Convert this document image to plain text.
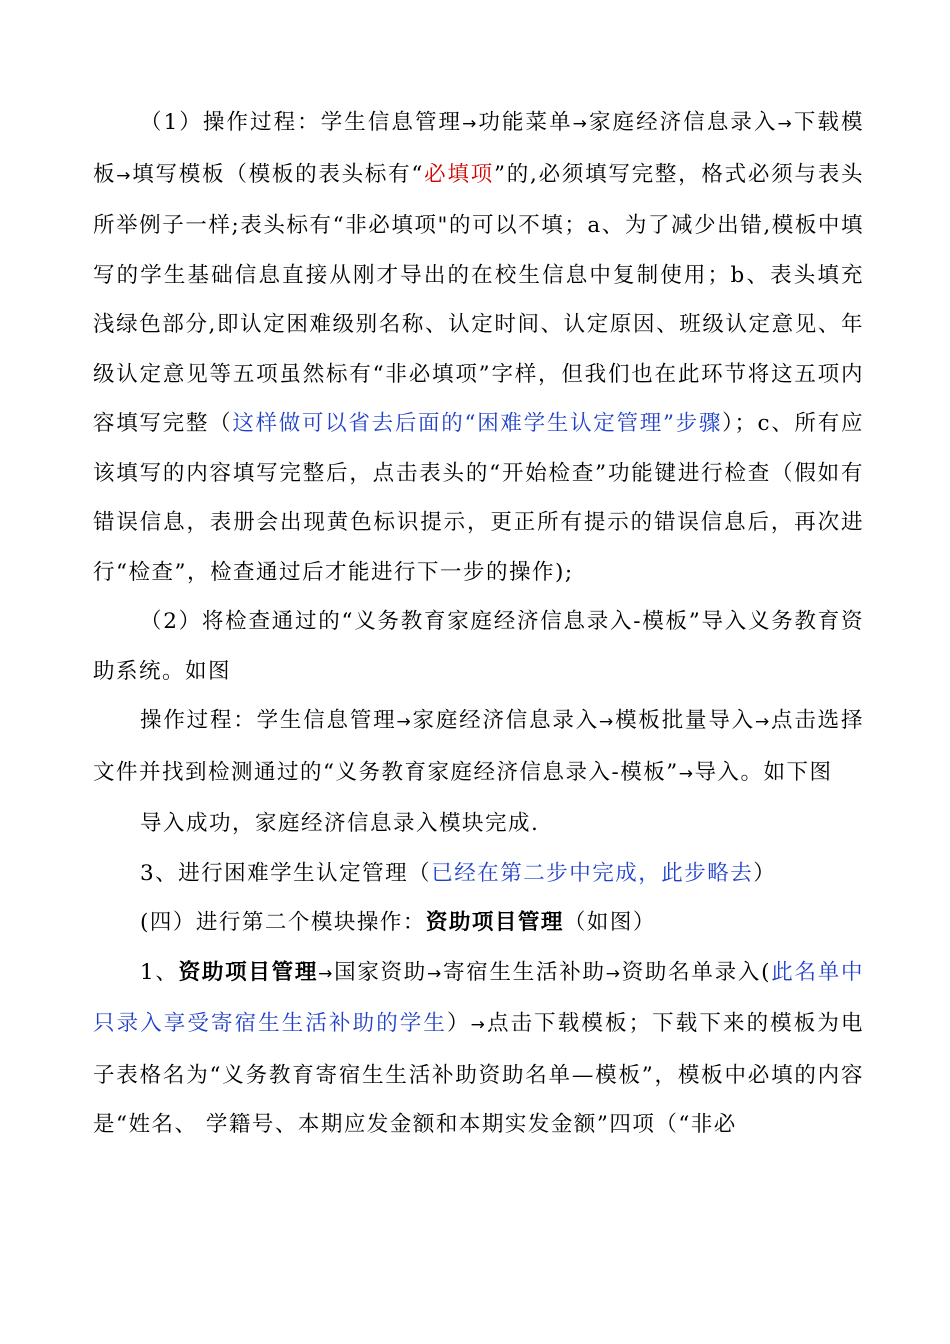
（1）操作过程：学生信息管理→功能菜单→家庭经济信息录入→下载模板→填写模板（模板的表头标有“必填项”的,必须填写完整，格式必须与表头所举例子一样;表头标有“非必填项"的可以不填；a、为了减少出错,模板中填写的学生基础信息直接从刚才导出的在校生信息中复制使用；b、表头填充浅绿色部分,即认定困难级别名称、认定时间、认定原因、班级认定意见、年级认定意见等五项虽然标有“非必填项”字样，但我们也在此环节将这五项内容填写完整（这样做可以省去后面的“困难学生认定管理”步骤）；c、所有应该填写的内容填写完整后，点击表头的“开始检查”功能键进行检查（假如有错误信息，表册会出现黄色标识提示，更正所有提示的错误信息后，再次进行“检查”，检查通过后才能进行下一步的操作);

（2）将检查通过的“义务教育家庭经济信息录入-模板”导入义务教育资助系统。如图

操作过程：学生信息管理→家庭经济信息录入→模板批量导入→点击选择文件并找到检测通过的“义务教育家庭经济信息录入-模板”→导入。如下图

导入成功，家庭经济信息录入模块完成.

3、进行困难学生认定管理（已经在第二步中完成，此步略去）

(四）进行第二个模块操作：资助项目管理（如图）

1、资助项目管理→国家资助→寄宿生生活补助→资助名单录入(此名单中只录入享受寄宿生生活补助的学生）→点击下载模板；下载下来的模板为电子表格名为“义务教育寄宿生生活补助资助名单—模板”，模板中必填的内容是“姓名、 学籍号、本期应发金额和本期实发金额”四项（“非必
